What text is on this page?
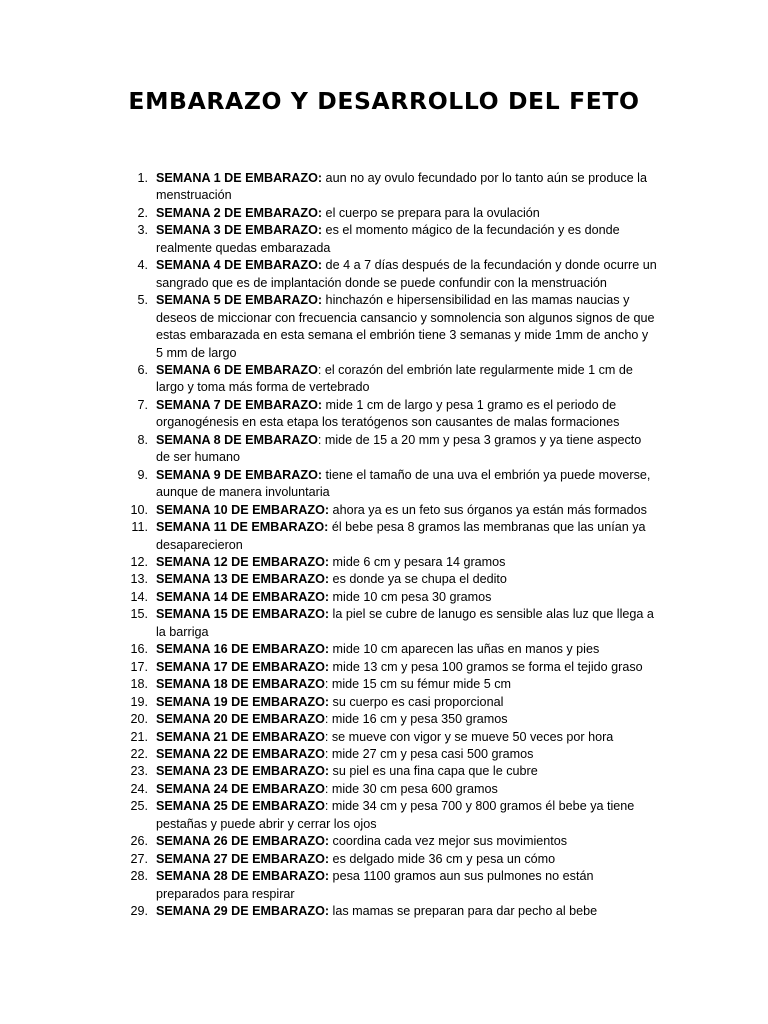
EMBARAZO Y DESARROLLO DEL FETO
1. SEMANA 1 DE EMBARAZO: aun no ay ovulo fecundado por lo tanto aún se produce la menstruación
2. SEMANA 2 DE EMBARAZO: el cuerpo se prepara para la ovulación
3. SEMANA 3 DE EMBARAZO: es el momento mágico de la fecundación y es donde realmente quedas embarazada
4. SEMANA 4 DE EMBARAZO: de 4 a 7 días después de la fecundación y donde ocurre un sangrado que es de implantación donde se puede confundir con la menstruación
5. SEMANA 5 DE EMBARAZO: hinchazón e hipersensibilidad en las mamas naucias y deseos de miccionar con frecuencia cansancio y somnolencia son algunos signos de que estas embarazada en esta semana el embrión tiene 3 semanas y mide 1mm de ancho y 5 mm de largo
6. SEMANA 6 DE EMBARAZO: el corazón del embrión late regularmente mide 1 cm de largo y toma más forma de vertebrado
7. SEMANA 7 DE EMBARAZO: mide 1 cm de largo y pesa 1 gramo es el periodo de organogénesis en esta etapa los teratógenos son causantes de malas formaciones
8. SEMANA 8 DE EMBARAZO: mide de 15 a 20 mm y pesa 3 gramos y ya tiene aspecto de ser humano
9. SEMANA 9 DE EMBARAZO: tiene el tamaño de una uva el embrión ya puede moverse, aunque de manera involuntaria
10. SEMANA 10 DE EMBARAZO: ahora ya es un feto sus órganos ya están más formados
11. SEMANA 11 DE EMBARAZO: él bebe pesa 8 gramos las membranas que las unían ya desaparecieron
12. SEMANA 12 DE EMBARAZO: mide 6 cm y pesara 14 gramos
13. SEMANA 13 DE EMBARAZO: es donde ya se chupa el dedito
14. SEMANA 14 DE EMBARAZO: mide 10 cm pesa 30 gramos
15. SEMANA 15 DE EMBARAZO: la piel se cubre de lanugo es sensible alas luz que llega a la barriga
16. SEMANA 16 DE EMBARAZO: mide 10 cm aparecen las uñas en manos y pies
17. SEMANA 17 DE EMBARAZO: mide 13 cm y pesa 100 gramos se forma el tejido graso
18. SEMANA 18 DE EMBARAZO: mide 15 cm su fémur mide 5 cm
19. SEMANA 19 DE EMBARAZO: su cuerpo es casi proporcional
20. SEMANA 20 DE EMBARAZO: mide 16 cm y pesa 350 gramos
21. SEMANA 21 DE EMBARAZO: se mueve con vigor y se mueve 50 veces por hora
22. SEMANA 22 DE EMBARAZO: mide 27 cm y pesa casi 500 gramos
23. SEMANA 23 DE EMBARAZO: su piel es una fina capa que le cubre
24. SEMANA 24 DE EMBARAZO: mide 30 cm pesa 600 gramos
25. SEMANA 25 DE EMBARAZO: mide 34 cm y pesa 700 y 800 gramos él bebe ya tiene pestañas y puede abrir y cerrar los ojos
26. SEMANA 26 DE EMBARAZO: coordina cada vez mejor sus movimientos
27. SEMANA 27 DE EMBARAZO: es delgado mide 36 cm y pesa un cómo
28. SEMANA 28 DE EMBARAZO: pesa 1100 gramos aun sus pulmones no están preparados para respirar
29. SEMANA 29 DE EMBARAZO: las mamas se preparan para dar pecho al bebe
